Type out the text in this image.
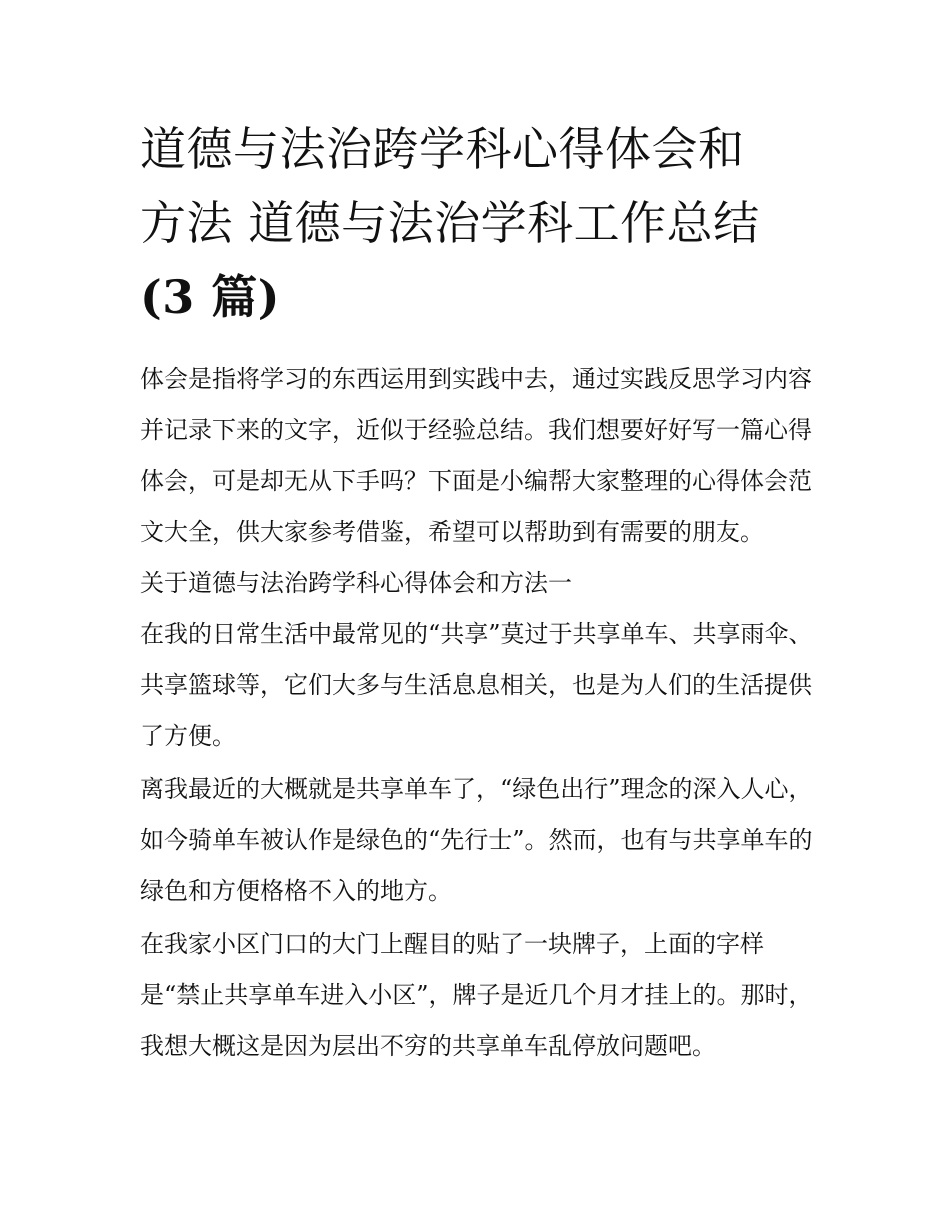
道德与法治跨学科心得体会和
方法 道德与法治学科工作总结
(3 篇)

体会是指将学习的东西运用到实践中去，通过实践反思学习内容并记录下来的文字，近似于经验总结。我们想要好好写一篇心得体会，可是却无从下手吗？下面是小编帮大家整理的心得体会范文大全，供大家参考借鉴，希望可以帮助到有需要的朋友。

关于道德与法治跨学科心得体会和方法一

在我的日常生活中最常见的“共享”莫过于共享单车、共享雨伞、共享篮球等，它们大多与生活息息相关，也是为人们的生活提供了方便。

离我最近的大概就是共享单车了，“绿色出行”理念的深入人心，如今骑单车被认作是绿色的“先行士”。然而，也有与共享单车的绿色和方便格格不入的地方。

在我家小区门口的大门上醒目的贴了一块牌子，上面的字样是“禁止共享单车进入小区”，牌子是近几个月才挂上的。那时，我想大概这是因为层出不穷的共享单车乱停放问题吧。
